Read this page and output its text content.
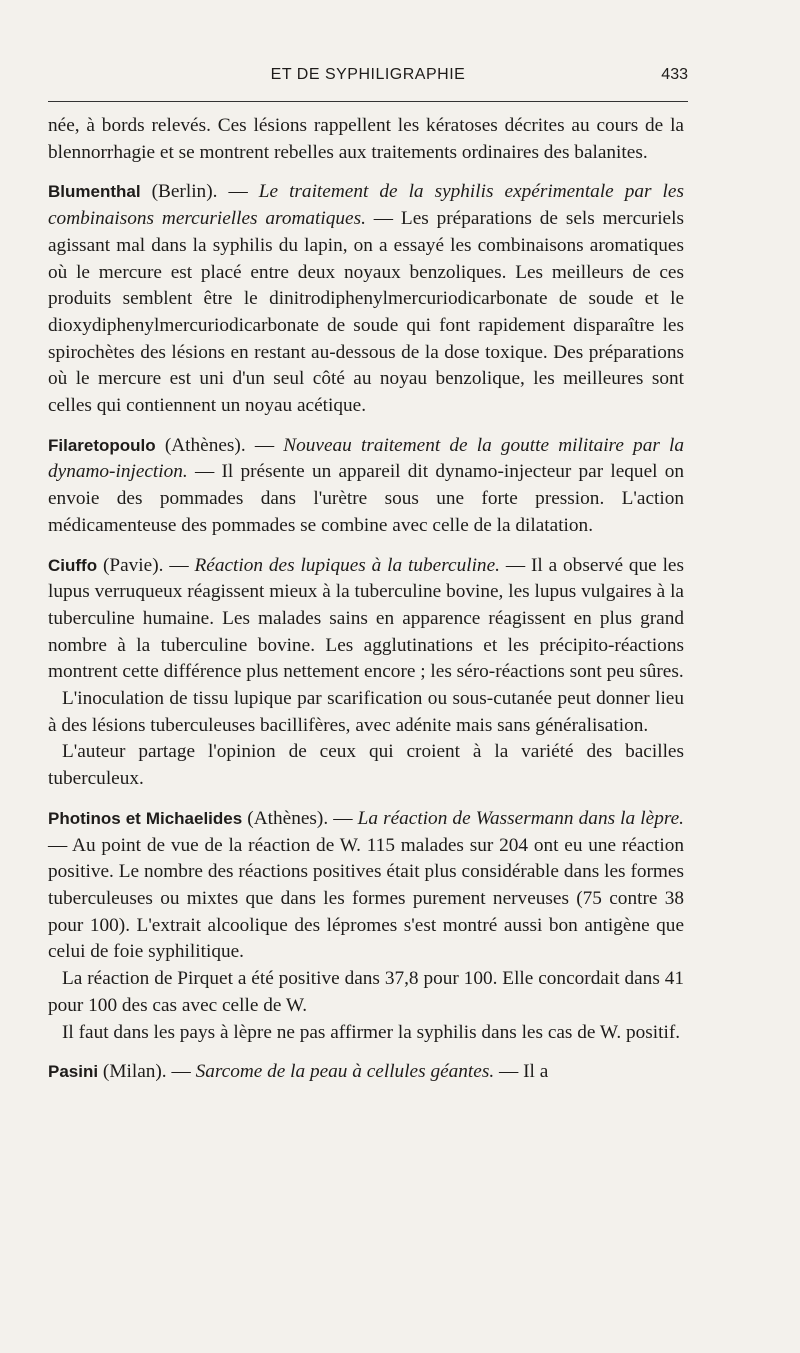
ET DE SYPHILIGRAPHIE	433

née, à bords relevés. Ces lésions rappellent les kératoses décrites au cours de la blennorrhagie et se montrent rebelles aux traitements ordinaires des balanites.

Blumenthal (Berlin). — Le traitement de la syphilis expérimentale par les combinaisons mercurielles aromatiques. — Les préparations de sels mercuriels agissant mal dans la syphilis du lapin, on a essayé les combinaisons aromatiques où le mercure est placé entre deux noyaux benzoliques. Les meilleurs de ces produits semblent être le dinitrodiphenylmercuriodicarbonate de soude et le dioxydiphenylmercuriodicarbonate de soude qui font rapidement disparaître les spirochètes des lésions en restant au-dessous de la dose toxique. Des préparations où le mercure est uni d'un seul côté au noyau benzolique, les meilleures sont celles qui contiennent un noyau acétique.

Filaretopoulo (Athènes). — Nouveau traitement de la goutte militaire par la dynamo-injection. — Il présente un appareil dit dynamo-injecteur par lequel on envoie des pommades dans l'urètre sous une forte pression. L'action médicamenteuse des pommades se combine avec celle de la dilatation.

Ciuffo (Pavie). — Réaction des lupiques à la tuberculine. — Il a observé que les lupus verruqueux réagissent mieux à la tuberculine bovine, les lupus vulgaires à la tuberculine humaine. Les malades sains en apparence réagissent en plus grand nombre à la tuberculine bovine. Les agglutinations et les précipito-réactions montrent cette différence plus nettement encore ; les séro-réactions sont peu sûres.

L'inoculation de tissu lupique par scarification ou sous-cutanée peut donner lieu à des lésions tuberculeuses bacillifères, avec adénite mais sans généralisation.

L'auteur partage l'opinion de ceux qui croient à la variété des bacilles tuberculeux.

Photinos et Michaelides (Athènes). — La réaction de Wassermann dans la lèpre. — Au point de vue de la réaction de W. 115 malades sur 204 ont eu une réaction positive. Le nombre des réactions positives était plus considérable dans les formes tuberculeuses ou mixtes que dans les formes purement nerveuses (75 contre 38 pour 100). L'extrait alcoolique des lépromes s'est montré aussi bon antigène que celui de foie syphilitique.

La réaction de Pirquet a été positive dans 37,8 pour 100. Elle concordait dans 41 pour 100 des cas avec celle de W.

Il faut dans les pays à lèpre ne pas affirmer la syphilis dans les cas de W. positif.

Pasini (Milan). — Sarcome de la peau à cellules géantes. — Il a
